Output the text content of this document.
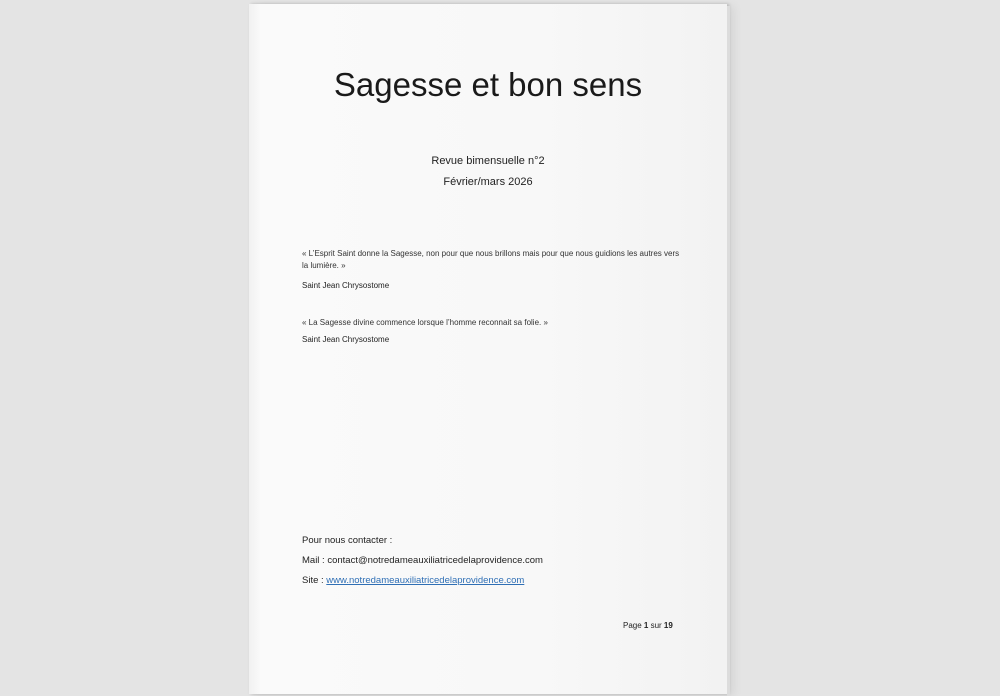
Sagesse et bon sens
Revue bimensuelle n°2
Février/mars 2026
« L’Esprit Saint donne la Sagesse, non pour que nous brillons mais pour que nous guidions les autres vers la lumière. »
Saint Jean Chrysostome
« La Sagesse divine commence lorsque l’homme reconnait sa folie. »
Saint Jean Chrysostome
Pour nous contacter :
Mail : contact@notredameauxiliatricedelaprovidence.com
Site : www.notredameauxiliatricedelaprovidence.com
Page 1 sur 19
